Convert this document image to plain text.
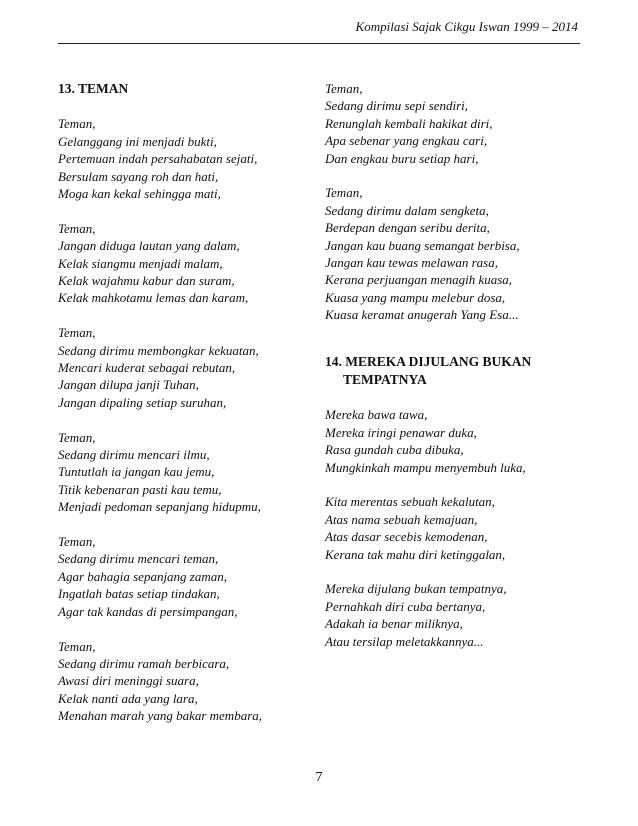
Kompilasi Sajak Cikgu Iswan 1999 – 2014
13. TEMAN
Teman,
Gelanggang ini menjadi bukti,
Pertemuan indah persahabatan sejati,
Bersulam sayang roh dan hati,
Moga kan kekal sehingga mati,
Teman,
Jangan diduga lautan yang dalam,
Kelak siangmu menjadi malam,
Kelak wajahmu kabur dan suram,
Kelak mahkotamu lemas dan karam,
Teman,
Sedang dirimu membongkar kekuatan,
Mencari kuderat sebagai rebutan,
Jangan dilupa janji Tuhan,
Jangan dipaling setiap suruhan,
Teman,
Sedang dirimu mencari ilmu,
Tuntutlah ia jangan kau jemu,
Titik kebenaran pasti kau temu,
Menjadi pedoman sepanjang hidupmu,
Teman,
Sedang dirimu mencari teman,
Agar bahagia sepanjang zaman,
Ingatlah batas setiap tindakan,
Agar tak kandas di persimpangan,
Teman,
Sedang dirimu ramah berbicara,
Awasi diri meninggi suara,
Kelak nanti ada yang lara,
Menahan marah yang bakar membara,
Teman,
Sedang dirimu sepi sendiri,
Renunglah kembali hakikat diri,
Apa sebenar yang engkau cari,
Dan engkau buru setiap hari,
Teman,
Sedang dirimu dalam sengketa,
Berdepan dengan seribu derita,
Jangan kau buang semangat berbisa,
Jangan kau tewas melawan rasa,
Kerana perjuangan menagih kuasa,
Kuasa yang mampu melebur dosa,
Kuasa keramat anugerah Yang Esa...
14. MEREKA DIJULANG BUKAN
TEMPATNYA
Mereka bawa tawa,
Mereka iringi penawar duka,
Rasa gundah cuba dibuka,
Mungkinkah mampu menyembuh luka,
Kita merentas sebuah kekalutan,
Atas nama sebuah kemajuan,
Atas dasar secebis kemodenan,
Kerana tak mahu diri ketinggalan,
Mereka dijulang bukan tempatnya,
Pernahkah diri cuba bertanya,
Adakah ia benar miliknya,
Atau tersilap meletakkannya...
7
